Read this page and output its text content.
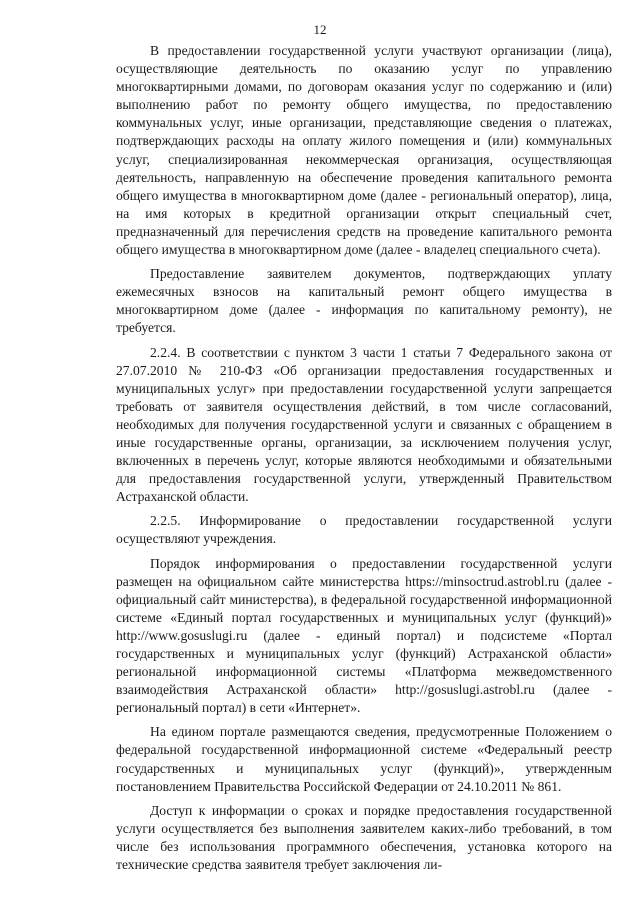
12

В предоставлении государственной услуги участвуют организации (лица), осуществляющие деятельность по оказанию услуг по управлению многоквартирными домами, по договорам оказания услуг по содержанию и (или) выполнению работ по ремонту общего имущества, по предоставлению коммунальных услуг, иные организации, представляющие сведения о платежах, подтверждающих расходы на оплату жилого помещения и (или) коммунальных услуг, специализированная некоммерческая организация, осуществляющая деятельность, направленную на обеспечение проведения капитального ремонта общего имущества в многоквартирном доме (далее - региональный оператор), лица, на имя которых в кредитной организации открыт специальный счет, предназначенный для перечисления средств на проведение капитального ремонта общего имущества в многоквартирном доме (далее - владелец специального счета).

Предоставление заявителем документов, подтверждающих уплату ежемесячных взносов на капитальный ремонт общего имущества в многоквартирном доме (далее - информация по капитальному ремонту), не требуется.

2.2.4. В соответствии с пунктом 3 части 1 статьи 7 Федерального закона от 27.07.2010 № 210-ФЗ «Об организации предоставления государственных и муниципальных услуг» при предоставлении государственной услуги запрещается требовать от заявителя осуществления действий, в том числе согласований, необходимых для получения государственной услуги и связанных с обращением в иные государственные органы, организации, за исключением получения услуг, включенных в перечень услуг, которые являются необходимыми и обязательными для предоставления государственной услуги, утвержденный Правительством Астраханской области.

2.2.5. Информирование о предоставлении государственной услуги осуществляют учреждения.

Порядок информирования о предоставлении государственной услуги размещен на официальном сайте министерства https://minsoctrud.astrobl.ru (далее - официальный сайт министерства), в федеральной государственной информационной системе «Единый портал государственных и муниципальных услуг (функций)» http://www.gosuslugi.ru (далее - единый портал) и подсистеме «Портал государственных и муниципальных услуг (функций) Астраханской области» региональной информационной системы «Платформа межведомственного взаимодействия Астраханской области» http://gosuslugi.astrobl.ru (далее - региональный портал) в сети «Интернет».

На едином портале размещаются сведения, предусмотренные Положением о федеральной государственной информационной системе «Федеральный реестр государственных и муниципальных услуг (функций)», утвержденным постановлением Правительства Российской Федерации от 24.10.2011 № 861.

Доступ к информации о сроках и порядке предоставления государственной услуги осуществляется без выполнения заявителем каких-либо требований, в том числе без использования программного обеспечения, установка которого на технические средства заявителя требует заключения ли-
